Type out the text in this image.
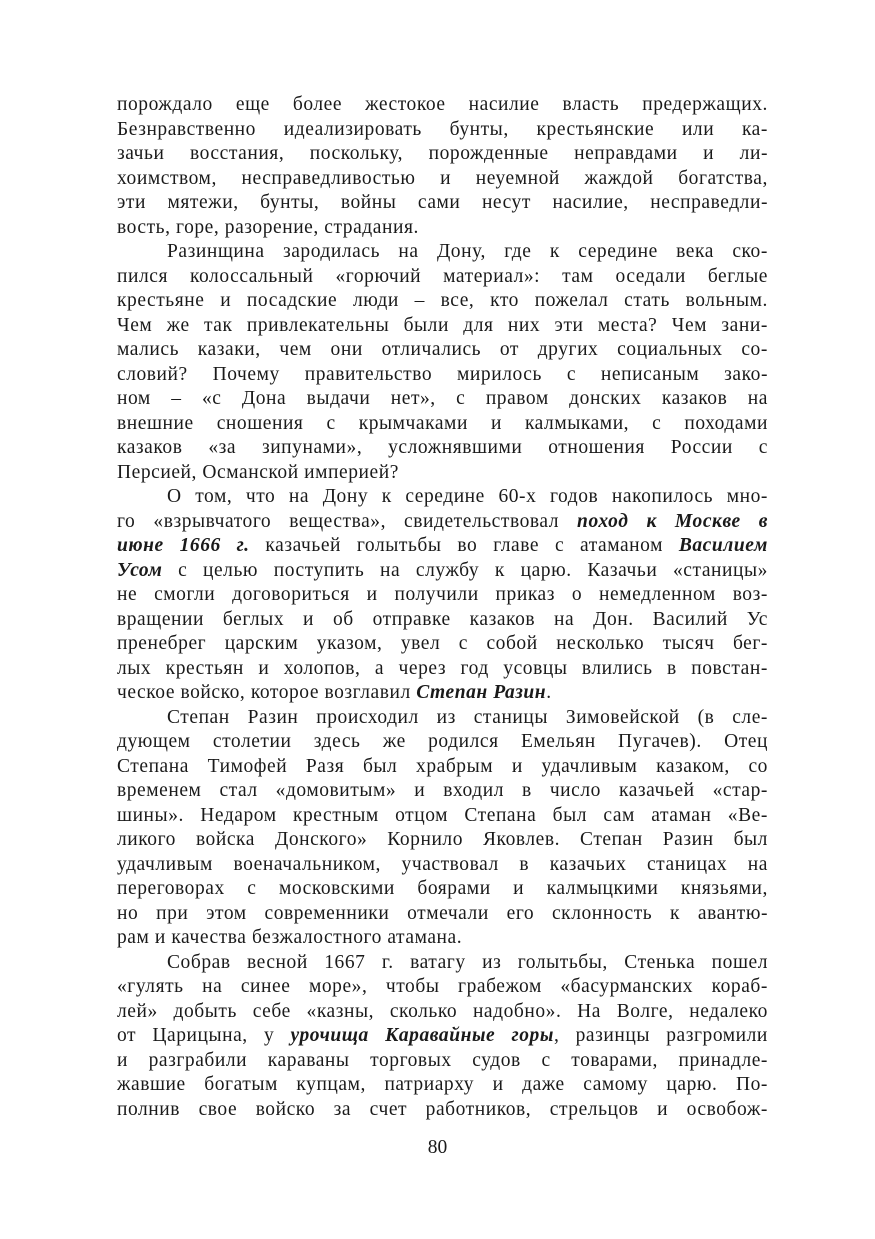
порождало еще более жестокое насилие власть предержащих.
Безнравственно идеализировать бунты, крестьянские или ка-
зачьи восстания, поскольку, порожденные неправдами и ли-
хоимством, несправедливостью и неуемной жаждой богатства,
эти мятежи, бунты, войны сами несут насилие, несправедли-
вость, горе, разорение, страдания.
Разинщина зародилась на Дону, где к середине века ско-
пился колоссальный «горючий материал»: там оседали беглые
крестьяне и посадские люди – все, кто пожелал стать вольным.
Чем же так привлекательны были для них эти места? Чем зани-
мались казаки, чем они отличались от других социальных со-
словий? Почему правительство мирилось с неписаным зако-
ном – «с Дона выдачи нет», с правом донских казаков на
внешние сношения с крымчаками и калмыками, с походами
казаков «за зипунами», усложнявшими отношения России с
Персией, Османской империей?
О том, что на Дону к середине 60-х годов накопилось мно-
го «взрывчатого вещества», свидетельствовал поход к Москве в
июне 1666 г. казачьей голытьбы во главе с атаманом Василием
Усом с целью поступить на службу к царю. Казачьи «станицы»
не смогли договориться и получили приказ о немедленном воз-
вращении беглых и об отправке казаков на Дон. Василий Ус
пренебрег царским указом, увел с собой несколько тысяч бег-
лых крестьян и холопов, а через год усовцы влились в повстан-
ческое войско, которое возглавил Степан Разин.
Степан Разин происходил из станицы Зимовейской (в сле-
дующем столетии здесь же родился Емельян Пугачев). Отец
Степана Тимофей Разя был храбрым и удачливым казаком, со
временем стал «домовитым» и входил в число казачьей «стар-
шины». Недаром крестным отцом Степана был сам атаман «Ве-
ликого войска Донского» Корнило Яковлев. Степан Разин был
удачливым военачальником, участвовал в казачьих станицах на
переговорах с московскими боярами и калмыцкими князьями,
но при этом современники отмечали его склонность к авантю-
рам и качества безжалостного атамана.
Собрав весной 1667 г. ватагу из голытьбы, Стенька пошел
«гулять на синее море», чтобы грабежом «басурманских кораб-
лей» добыть себе «казны, сколько надобно». На Волге, недалеко
от Царицына, у урочища Каравайные горы, разинцы разгромили
и разграбили караваны торговых судов с товарами, принадле-
жавшие богатым купцам, патриарху и даже самому царю. По-
полнив свое войско за счет работников, стрельцов и освобож-
80
